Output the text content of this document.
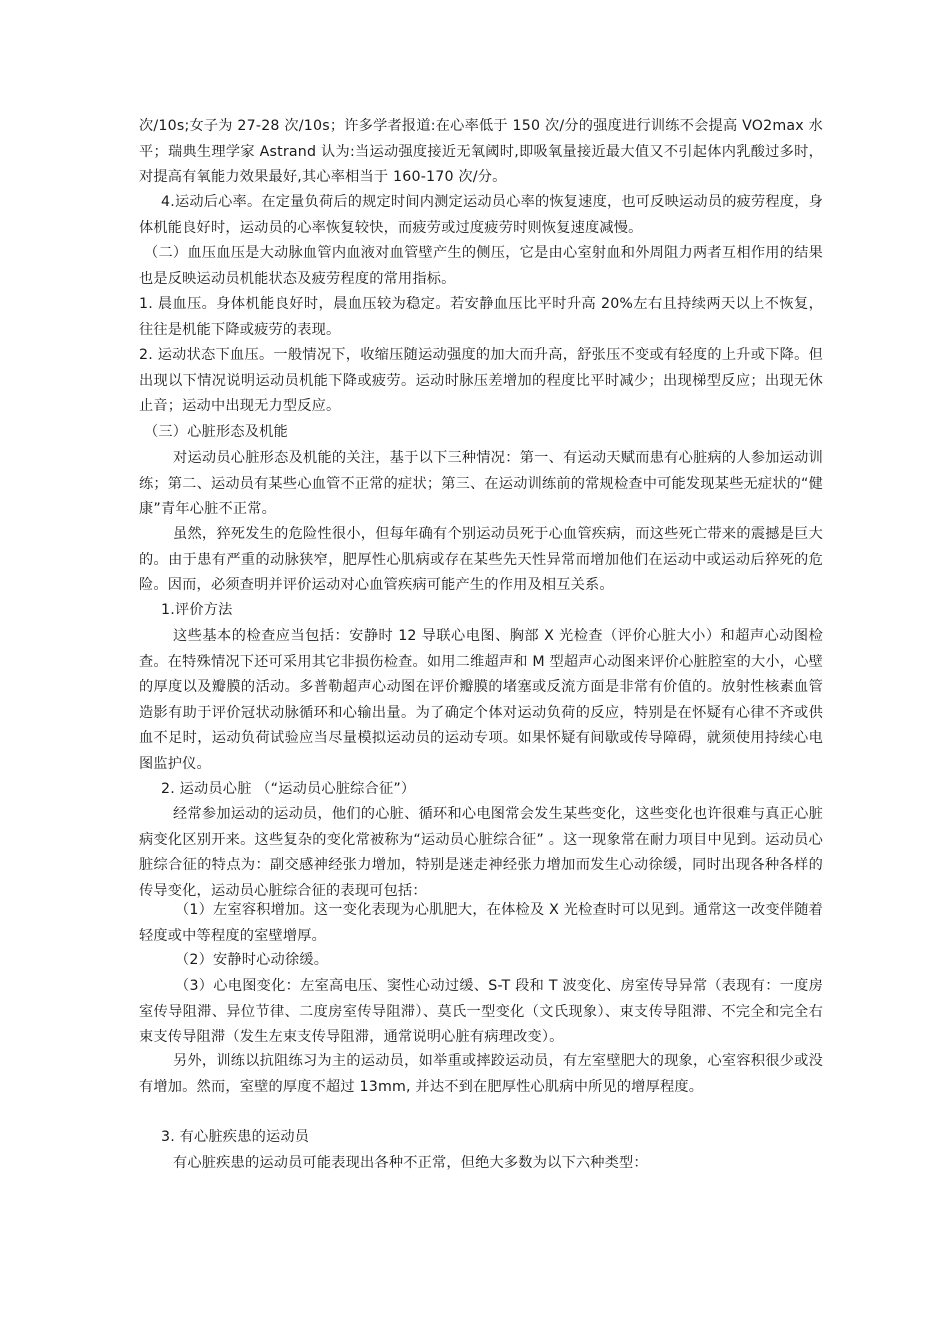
次/10s;女子为 27-28 次/10s；许多学者报道:在心率低于 150 次/分的强度进行训练不会提高 VO2max 水平；瑞典生理学家 Astrand 认为:当运动强度接近无氧阈时,即吸氧量接近最大值又不引起体内乳酸过多时，对提高有氧能力效果最好,其心率相当于 160-170 次/分。

4.运动后心率。在定量负荷后的规定时间内测定运动员心率的恢复速度，也可反映运动员的疲劳程度，身体机能良好时，运动员的心率恢复较快，而疲劳或过度疲劳时则恢复速度减慢。

（二）血压血压是大动脉血管内血液对血管壁产生的侧压，它是由心室射血和外周阻力两者互相作用的结果也是反映运动员机能状态及疲劳程度的常用指标。

1. 晨血压。身体机能良好时，晨血压较为稳定。若安静血压比平时升高 20%左右且持续两天以上不恢复，往往是机能下降或疲劳的表现。

2. 运动状态下血压。一般情况下，收缩压随运动强度的加大而升高，舒张压不变或有轻度的上升或下降。但出现以下情况说明运动员机能下降或疲劳。运动时脉压差增加的程度比平时减少；出现梯型反应；出现无休止音；运动中出现无力型反应。

（三）心脏形态及机能

对运动员心脏形态及机能的关注，基于以下三种情况：第一、有运动天赋而患有心脏病的人参加运动训练；第二、运动员有某些心血管不正常的症状；第三、在运动训练前的常规检查中可能发现某些无症状的“健康”青年心脏不正常。

虽然，猝死发生的危险性很小，但每年确有个别运动员死于心血管疾病，而这些死亡带来的震撼是巨大的。由于患有严重的动脉狭窄，肥厚性心肌病或存在某些先天性异常而增加他们在运动中或运动后猝死的危险。因而，必须查明并评价运动对心血管疾病可能产生的作用及相互关系。

1.评价方法

这些基本的检查应当包括：安静时 12 导联心电图、胸部 X 光检查（评价心脏大小）和超声心动图检查。在特殊情况下还可采用其它非损伤检查。如用二维超声和 M 型超声心动图来评价心脏腔室的大小，心壁的厚度以及瓣膜的活动。多普勒超声心动图在评价瓣膜的堵塞或反流方面是非常有价值的。放射性核素血管造影有助于评价冠状动脉循环和心输出量。为了确定个体对运动负荷的反应，特别是在怀疑有心律不齐或供血不足时，运动负荷试验应当尽量模拟运动员的运动专项。如果怀疑有间歇或传导障碍，就须使用持续心电图监护仪。

2. 运动员心脏 （“运动员心脏综合征”）

经常参加运动的运动员，他们的心脏、循环和心电图常会发生某些变化，这些变化也许很难与真正心脏病变化区别开来。这些复杂的变化常被称为“运动员心脏综合征” 。这一现象常在耐力项目中见到。运动员心脏综合征的特点为：副交感神经张力增加，特别是迷走神经张力增加而发生心动徐缓，同时出现各种各样的传导变化，运动员心脏综合征的表现可包括：

（1）左室容积增加。这一变化表现为心肌肥大，在体检及 X 光检查时可以见到。通常这一改变伴随着轻度或中等程度的室壁增厚。

（2）安静时心动徐缓。

（3）心电图变化：左室高电压、窦性心动过缓、S-T 段和 T 波变化、房室传导异常（表现有：一度房室传导阻滞、异位节律、二度房室传导阻滞）、莫氏一型变化（文氏现象）、束支传导阻滞、不完全和完全右束支传导阻滞（发生左束支传导阻滞，通常说明心脏有病理改变）。

另外，训练以抗阻练习为主的运动员，如举重或摔跤运动员，有左室壁肥大的现象，心室容积很少或没有增加。然而，室壁的厚度不超过 13mm, 并达不到在肥厚性心肌病中所见的增厚程度。

3. 有心脏疾患的运动员

有心脏疾患的运动员可能表现出各种不正常，但绝大多数为以下六种类型：
